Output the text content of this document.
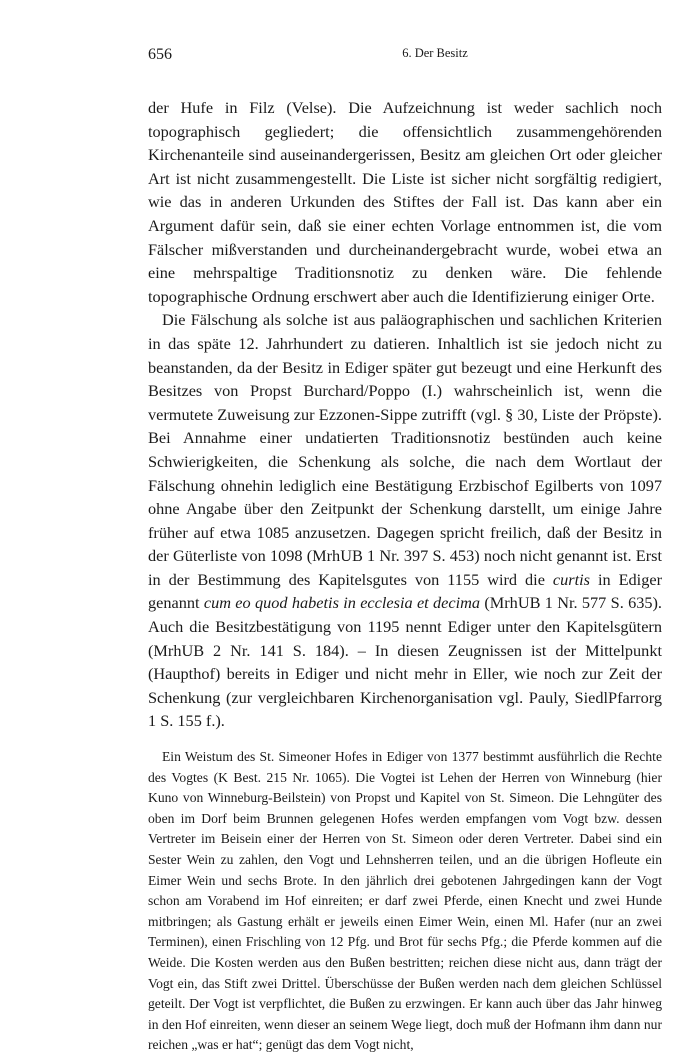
656	6. Der Besitz

der Hufe in Filz (Velse). Die Aufzeichnung ist weder sachlich noch topographisch gegliedert; die offensichtlich zusammengehörenden Kirchenanteile sind auseinandergerissen, Besitz am gleichen Ort oder gleicher Art ist nicht zusammengestellt. Die Liste ist sicher nicht sorgfältig redigiert, wie das in anderen Urkunden des Stiftes der Fall ist. Das kann aber ein Argument dafür sein, daß sie einer echten Vorlage entnommen ist, die vom Fälscher mißverstanden und durcheinandergebracht wurde, wobei etwa an eine mehrspaltige Traditionsnotiz zu denken wäre. Die fehlende topographische Ordnung erschwert aber auch die Identifizierung einiger Orte.

Die Fälschung als solche ist aus paläographischen und sachlichen Kriterien in das späte 12. Jahrhundert zu datieren. Inhaltlich ist sie jedoch nicht zu beanstanden, da der Besitz in Ediger später gut bezeugt und eine Herkunft des Besitzes von Propst Burchard/Poppo (I.) wahrscheinlich ist, wenn die vermutete Zuweisung zur Ezzonen-Sippe zutrifft (vgl. § 30, Liste der Pröpste). Bei Annahme einer undatierten Traditionsnotiz bestünden auch keine Schwierigkeiten, die Schenkung als solche, die nach dem Wortlaut der Fälschung ohnehin lediglich eine Bestätigung Erzbischof Egilberts von 1097 ohne Angabe über den Zeitpunkt der Schenkung darstellt, um einige Jahre früher auf etwa 1085 anzusetzen. Dagegen spricht freilich, daß der Besitz in der Güterliste von 1098 (MrhUB 1 Nr. 397 S. 453) noch nicht genannt ist. Erst in der Bestimmung des Kapitelsgutes von 1155 wird die curtis in Ediger genannt cum eo quod habetis in ecclesia et decima (MrhUB 1 Nr. 577 S. 635). Auch die Besitzbestätigung von 1195 nennt Ediger unter den Kapitelsgütern (MrhUB 2 Nr. 141 S. 184). – In diesen Zeugnissen ist der Mittelpunkt (Haupthof) bereits in Ediger und nicht mehr in Eller, wie noch zur Zeit der Schenkung (zur vergleichbaren Kirchenorganisation vgl. Pauly, SiedlPfarrorg 1 S. 155 f.).

Ein Weistum des St. Simeoner Hofes in Ediger von 1377 bestimmt ausführlich die Rechte des Vogtes (K Best. 215 Nr. 1065). Die Vogtei ist Lehen der Herren von Winneburg (hier Kuno von Winneburg-Beilstein) von Propst und Kapitel von St. Simeon. Die Lehngüter des oben im Dorf beim Brunnen gelegenen Hofes werden empfangen vom Vogt bzw. dessen Vertreter im Beisein einer der Herren von St. Simeon oder deren Vertreter. Dabei sind ein Sester Wein zu zahlen, den Vogt und Lehnsherren teilen, und an die übrigen Hofleute ein Eimer Wein und sechs Brote. In den jährlich drei gebotenen Jahrgedingen kann der Vogt schon am Vorabend im Hof einreiten; er darf zwei Pferde, einen Knecht und zwei Hunde mitbringen; als Gastung erhält er jeweils einen Eimer Wein, einen Ml. Hafer (nur an zwei Terminen), einen Frischling von 12 Pfg. und Brot für sechs Pfg.; die Pferde kommen auf die Weide. Die Kosten werden aus den Bußen bestritten; reichen diese nicht aus, dann trägt der Vogt ein, das Stift zwei Drittel. Überschüsse der Bußen werden nach dem gleichen Schlüssel geteilt. Der Vogt ist verpflichtet, die Bußen zu erzwingen. Er kann auch über das Jahr hinweg in den Hof einreiten, wenn dieser an seinem Wege liegt, doch muß der Hofmann ihm dann nur reichen „was er hat“; genügt das dem Vogt nicht,
